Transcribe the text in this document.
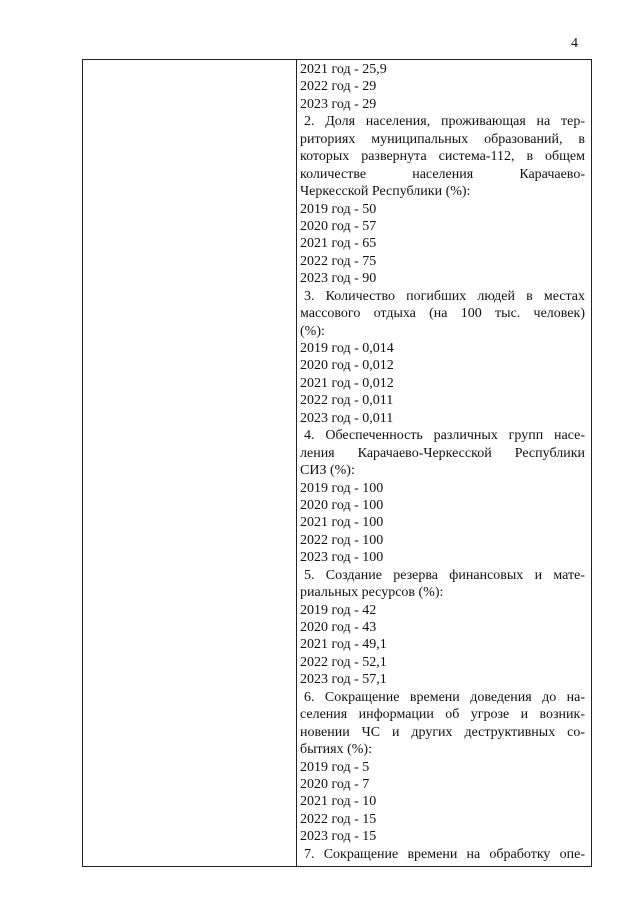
4
2021 год - 25,9
2022 год - 29
2023 год - 29
2. Доля населения, проживающая на тер-
риториях муниципальных образований, в
которых развернута система-112, в общем
количестве населения Карачаево-
Черкесской Республики (%):
2019 год - 50
2020 год - 57
2021 год - 65
2022 год - 75
2023 год - 90
3. Количество погибших людей в местах
массового отдыха (на 100 тыс. человек)
(%):
2019 год - 0,014
2020 год - 0,012
2021 год - 0,012
2022 год - 0,011
2023 год - 0,011
4. Обеспеченность различных групп насе-
ления Карачаево-Черкесской Республики
СИЗ (%):
2019 год - 100
2020 год - 100
2021 год - 100
2022 год - 100
2023 год - 100
5. Создание резерва финансовых и мате-
риальных ресурсов (%):
2019 год - 42
2020 год - 43
2021 год - 49,1
2022 год - 52,1
2023 год - 57,1
6. Сокращение времени доведения до на-
селения информации об угрозе и возник-
новении ЧС и других деструктивных со-
бытиях (%):
2019 год - 5
2020 год - 7
2021 год - 10
2022 год - 15
2023 год - 15
7. Сокращение времени на обработку опе-
